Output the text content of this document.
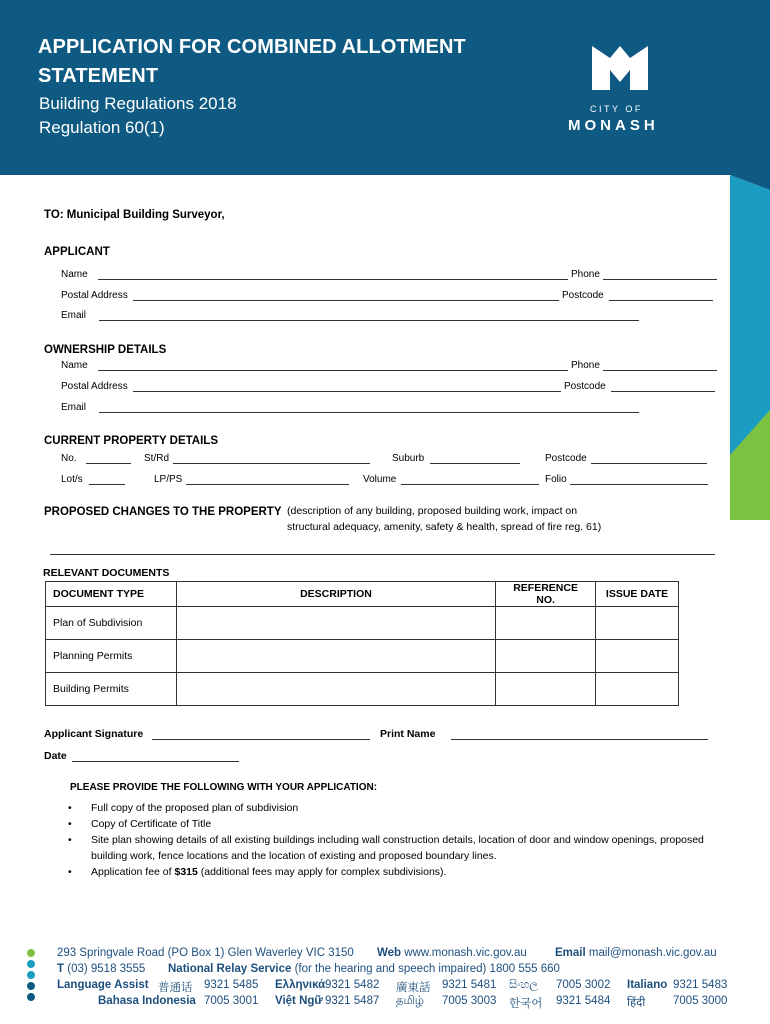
APPLICATION FOR COMBINED ALLOTMENT
STATEMENT
Building Regulations 2018
Regulation 60(1)
CITY OF
MONASH
TO: Municipal Building Surveyor,
APPLICANT
Name	Phone
Postal Address	Postcode
Email
OWNERSHIP DETAILS
Name	Phone
Postal Address	Postcode
Email
CURRENT PROPERTY DETAILS
No.	St/Rd	Suburb	Postcode
Lot/s	LP/PS	Volume	Folio
PROPOSED CHANGES TO THE PROPERTY (description of any building, proposed building work, impact on
structural adequacy, amenity, safety & health, spread of fire reg. 61)
RELEVANT DOCUMENTS
DOCUMENT TYPE	DESCRIPTION	REFERENCE NO.	ISSUE DATE
Plan of Subdivision			
Planning Permits			
Building Permits			
Applicant Signature	Print Name
Date
PLEASE PROVIDE THE FOLLOWING WITH YOUR APPLICATION:
• Full copy of the proposed plan of subdivision
• Copy of Certificate of Title
• Site plan showing details of all existing buildings including wall construction details, location of door and window openings, proposed building work, fence locations and the location of existing and proposed boundary lines.
• Application fee of $315 (additional fees may apply for complex subdivisions).
293 Springvale Road (PO Box 1) Glen Waverley VIC 3150 Web www.monash.vic.gov.au Email mail@monash.vic.gov.au
T (03) 9518 3555 National Relay Service (for the hearing and speech impaired) 1800 555 660
Language Assist 普通话 9321 5485 Ελληνικά 9321 5482 廣東話 9321 5481 සිංහල 7005 3002 Italiano 9321 5483
Bahasa Indonesia 7005 3001 Việt Ngữ 9321 5487 தமிழ் 7005 3003 한국어 9321 5484 हिंदी 7005 3000
